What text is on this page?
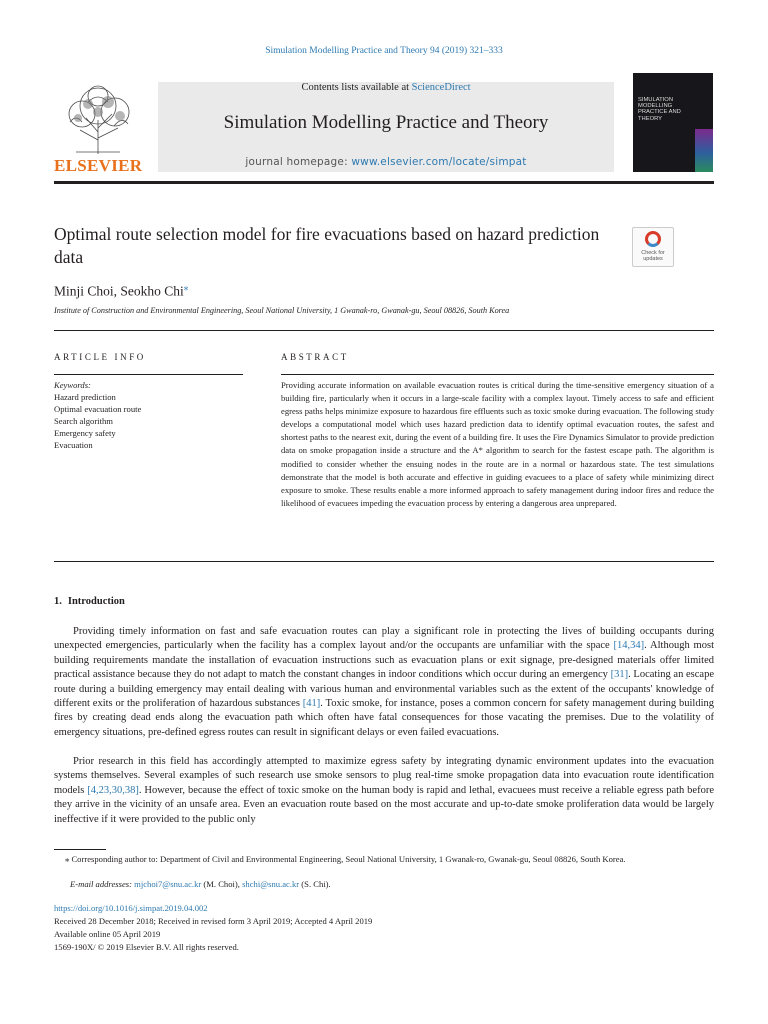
Simulation Modelling Practice and Theory 94 (2019) 321–333
ELSEVIER
Contents lists available at ScienceDirect
Simulation Modelling Practice and Theory
journal homepage: www.elsevier.com/locate/simpat
SIMULATION MODELLING PRACTICE AND THEORY
Optimal route selection model for fire evacuations based on hazard prediction data	Check for updates
Minji Choi, Seokho Chi⁎
Institute of Construction and Environmental Engineering, Seoul National University, 1 Gwanak-ro, Gwanak-gu, Seoul 08826, South Korea
ARTICLE INFO	ABSTRACT
Keywords:
Hazard prediction
Optimal evacuation route
Search algorithm
Emergency safety
Evacuation
Providing accurate information on available evacuation routes is critical during the time-sensitive emergency situation of a building fire, particularly when it occurs in a large-scale facility with a complex layout. Timely access to safe and efficient egress paths helps minimize exposure to hazardous fire effluents such as toxic smoke during evacuation. The following study develops a computational model which uses hazard prediction data to identify optimal evacuation routes, the safest and shortest paths to the nearest exit, during the event of a building fire. It uses the Fire Dynamics Simulator to provide prediction data on smoke propagation inside a structure and the A* algorithm to search for the fastest escape path. The algorithm is modified to consider whether the ensuing nodes in the route are in a normal or hazardous state. The test simulations demonstrate that the model is both accurate and effective in guiding evacuees to a place of safety while minimizing direct exposure to smoke. These results enable a more informed approach to safety management during indoor fires and reduce the likelihood of evacuees impeding the evacuation process by entering a dangerous area unprepared.
1. Introduction
Providing timely information on fast and safe evacuation routes can play a significant role in protecting the lives of building occupants during unexpected emergencies, particularly when the facility has a complex layout and/or the occupants are unfamiliar with the space [14,34]. Although most building requirements mandate the installation of evacuation instructions such as evacuation plans or exit signage, pre-designed materials offer limited practical assistance because they do not adapt to match the constant changes in indoor conditions which occur during an emergency [31]. Locating an escape route during a building emergency may entail dealing with various human and environmental variables such as the extent of the occupants' knowledge of different exits or the proliferation of hazardous substances [41]. Toxic smoke, for instance, poses a common concern for safety management during building fires by creating dead ends along the evacuation path which often have fatal consequences for those vacating the premises. Due to the volatility of emergency situations, pre-defined egress routes can result in significant delays or even failed evacuations.
Prior research in this field has accordingly attempted to maximize egress safety by integrating dynamic environment updates into the evacuation systems themselves. Several examples of such research use smoke sensors to plug real-time smoke propagation data into evacuation route identification models [4,23,30,38]. However, because the effect of toxic smoke on the human body is rapid and lethal, evacuees must receive a reliable egress path before they arrive in the vicinity of an unsafe area. Even an evacuation route based on the most accurate and up-to-date smoke proliferation data would be largely ineffective if it were provided to the public only
⁎ Corresponding author to: Department of Civil and Environmental Engineering, Seoul National University, 1 Gwanak-ro, Gwanak-gu, Seoul 08826, South Korea.
E-mail addresses: mjchoi7@snu.ac.kr (M. Choi), shchi@snu.ac.kr (S. Chi).
https://doi.org/10.1016/j.simpat.2019.04.002
Received 28 December 2018; Received in revised form 3 April 2019; Accepted 4 April 2019
Available online 05 April 2019
1569-190X/ © 2019 Elsevier B.V. All rights reserved.
